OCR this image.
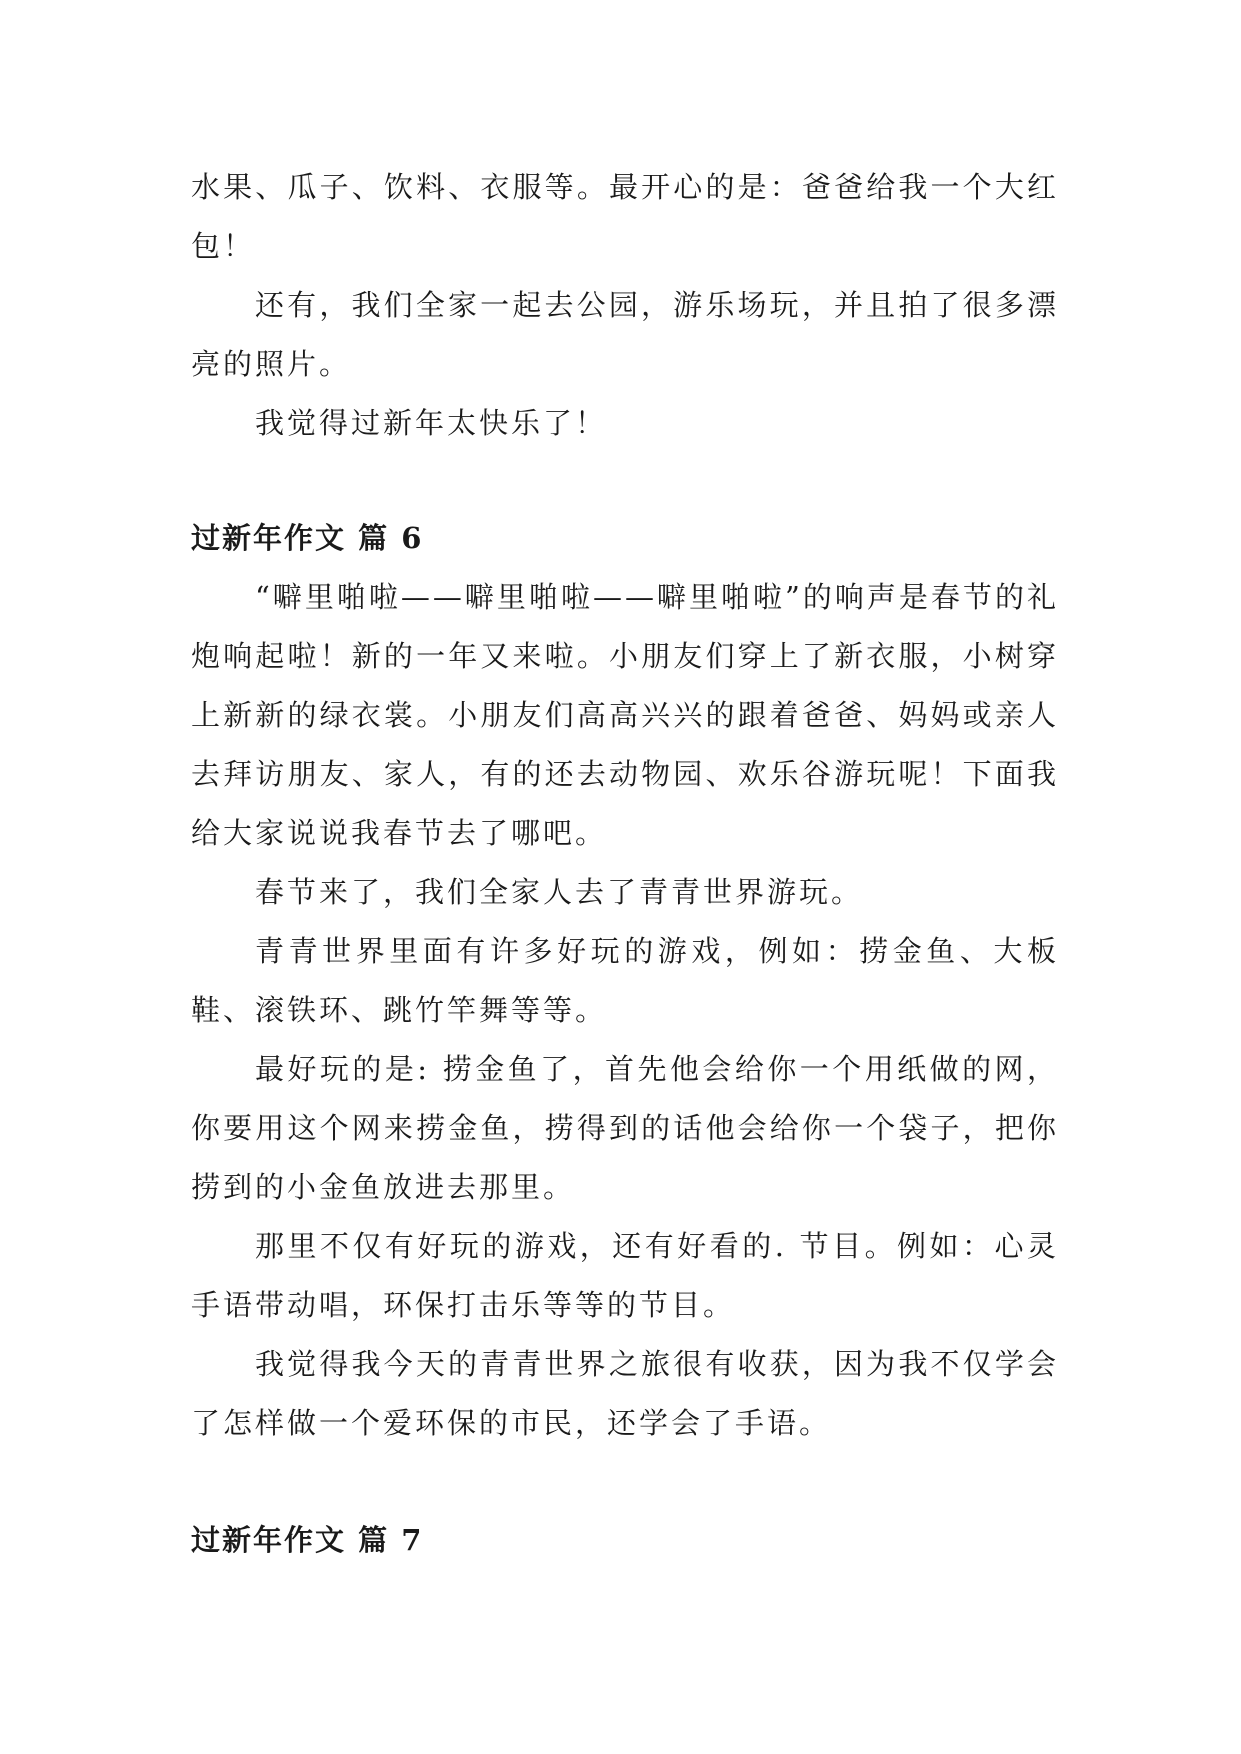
水果、瓜子、饮料、衣服等。最开心的是：爸爸给我一个大红包！

还有，我们全家一起去公园，游乐场玩，并且拍了很多漂亮的照片。

我觉得过新年太快乐了！

过新年作文 篇 6

“噼里啪啦——噼里啪啦——噼里啪啦”的响声是春节的礼炮响起啦！新的一年又来啦。小朋友们穿上了新衣服，小树穿上新新的绿衣裳。小朋友们高高兴兴的跟着爸爸、妈妈或亲人去拜访朋友、家人，有的还去动物园、欢乐谷游玩呢！下面我给大家说说我春节去了哪吧。

春节来了，我们全家人去了青青世界游玩。

青青世界里面有许多好玩的游戏，例如：捞金鱼、大板鞋、滚铁环、跳竹竿舞等等。

最好玩的是: 捞金鱼了，首先他会给你一个用纸做的网，你要用这个网来捞金鱼，捞得到的话他会给你一个袋子，把你捞到的小金鱼放进去那里。

那里不仅有好玩的游戏，还有好看的. 节目。例如：心灵手语带动唱，环保打击乐等等的节目。

我觉得我今天的青青世界之旅很有收获，因为我不仅学会了怎样做一个爱环保的市民，还学会了手语。

过新年作文 篇 7
